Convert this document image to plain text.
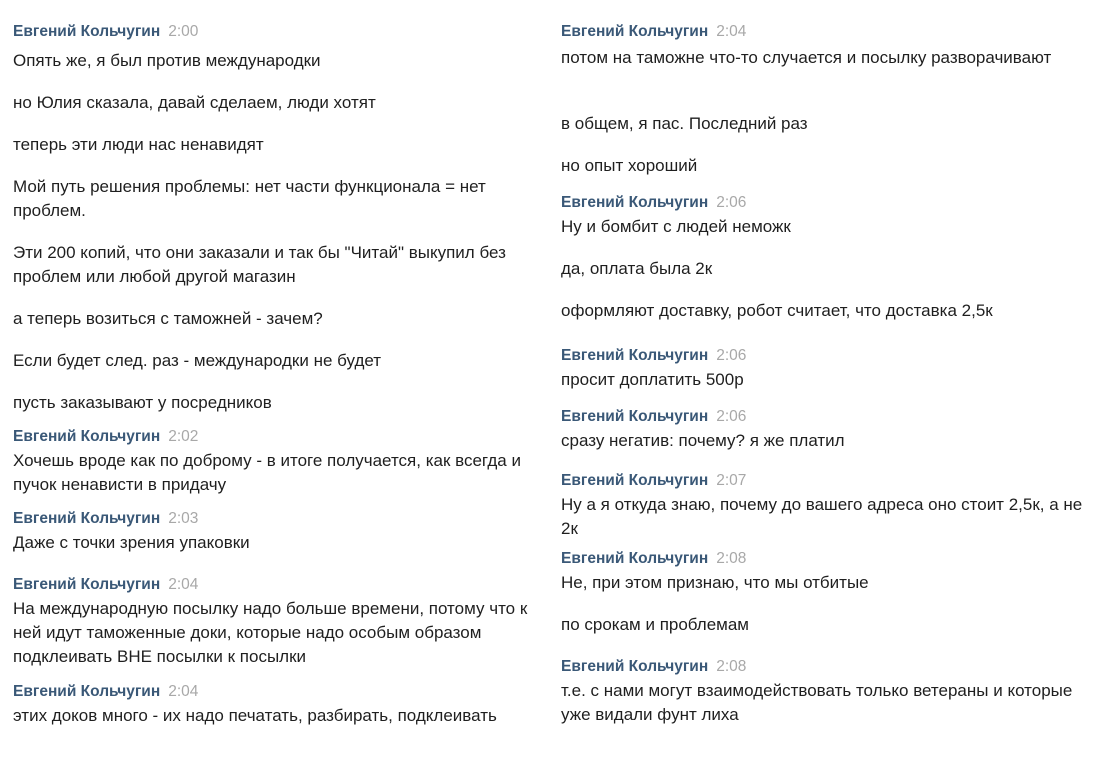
Евгений Кольчугин 2:00
Опять же, я был против международки
но Юлия сказала, давай сделаем, люди хотят
теперь эти люди нас ненавидят
Мой путь решения проблемы: нет части функционала = нет проблем.
Эти 200 копий, что они заказали и так бы "Читай" выкупил без проблем или любой другой магазин
а теперь возиться с таможней - зачем?
Если будет след. раз - международки не будет
пусть заказывают у посредников
Евгений Кольчугин 2:02
Хочешь вроде как по доброму - в итоге получается, как всегда и пучок ненависти в придачу
Евгений Кольчугин 2:03
Даже с точки зрения упаковки
Евгений Кольчугин 2:04
На международную посылку надо больше времени, потому что к ней идут таможенные доки, которые надо особым образом подклеивать ВНЕ посылки к посылки
Евгений Кольчугин 2:04
этих доков много - их надо печатать, разбирать, подклеивать
Евгений Кольчугин 2:04
потом на таможне что-то случается и посылку разворачивают
в общем, я пас. Последний раз
но опыт хороший
Евгений Кольчугин 2:06
Ну и бомбит с людей неможк
да, оплата была 2к
оформляют доставку, робот считает, что доставка 2,5к
Евгений Кольчугин 2:06
просит доплатить 500р
Евгений Кольчугин 2:06
сразу негатив: почему? я же платил
Евгений Кольчугин 2:07
Ну а я откуда знаю, почему до вашего адреса оно стоит 2,5к, а не 2к
Евгений Кольчугин 2:08
Не, при этом признаю, что мы отбитые
по срокам и проблемам
Евгений Кольчугин 2:08
т.е. с нами могут взаимодействовать только ветераны и которые уже видали фунт лиха
